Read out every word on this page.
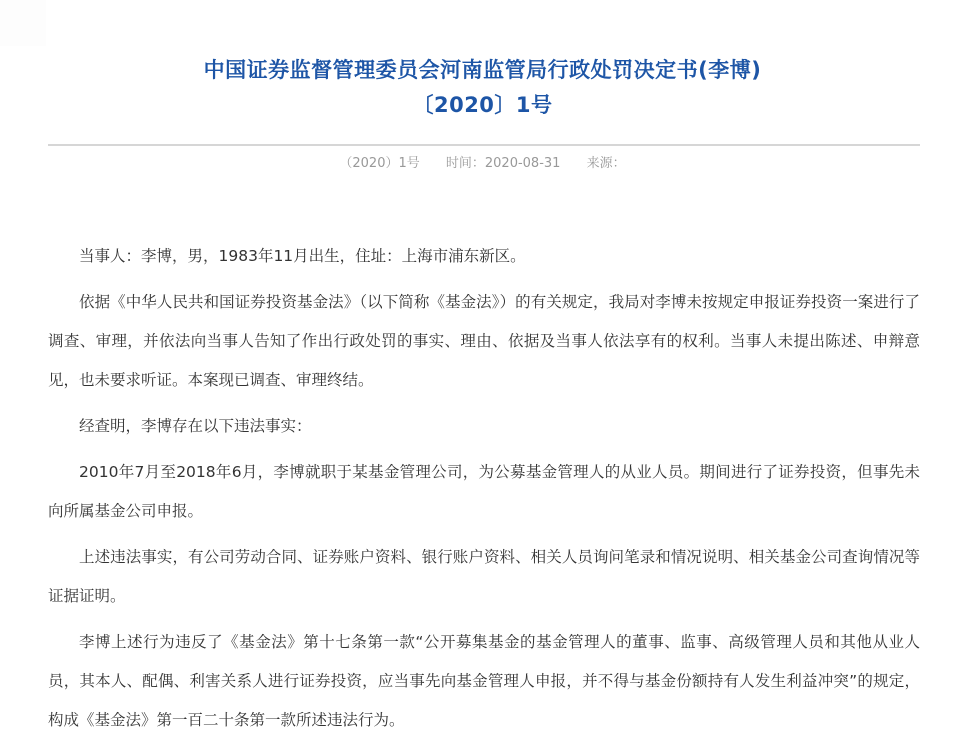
中国证券监督管理委员会河南监管局行政处罚决定书(李博)
〔2020〕1号
（2020）1号 时间：2020-08-31 来源：

当事人：李博，男，1983年11月出生，住址：上海市浦东新区。

依据《中华人民共和国证券投资基金法》（以下简称《基金法》）的有关规定，我局对李博未按规定申报证券投资一案进行了调查、审理，并依法向当事人告知了作出行政处罚的事实、理由、依据及当事人依法享有的权利。当事人未提出陈述、申辩意见，也未要求听证。本案现已调查、审理终结。

经查明，李博存在以下违法事实：

2010年7月至2018年6月，李博就职于某基金管理公司，为公募基金管理人的从业人员。期间进行了证券投资，但事先未向所属基金公司申报。

上述违法事实，有公司劳动合同、证券账户资料、银行账户资料、相关人员询问笔录和情况说明、相关基金公司查询情况等证据证明。

李博上述行为违反了《基金法》第十七条第一款“公开募集基金的基金管理人的董事、监事、高级管理人员和其他从业人员，其本人、配偶、利害关系人进行证券投资，应当事先向基金管理人申报，并不得与基金份额持有人发生利益冲突”的规定，构成《基金法》第一百二十条第一款所述违法行为。
